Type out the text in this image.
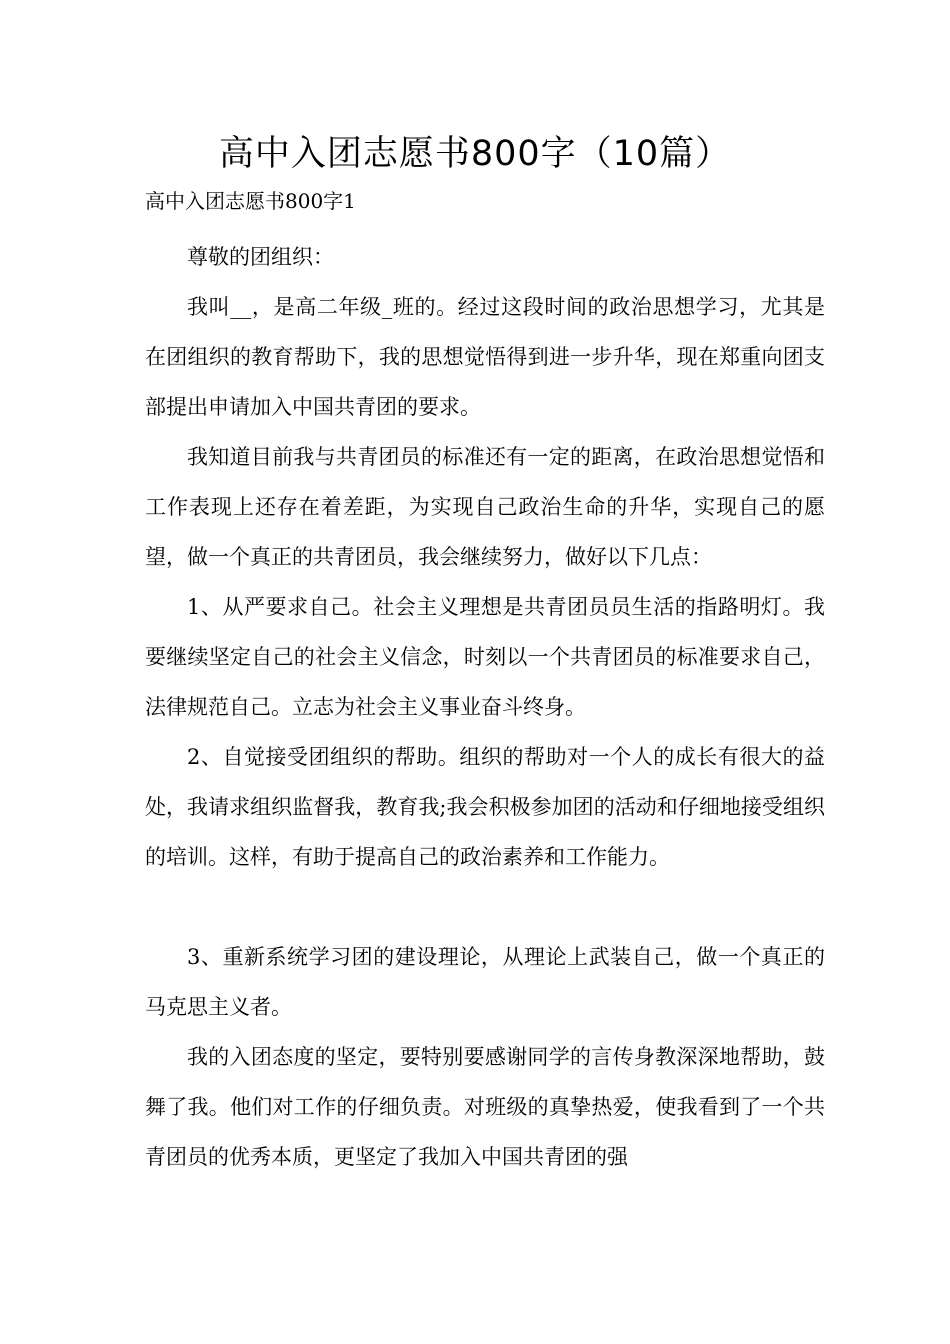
高中入团志愿书800字（10篇）
高中入团志愿书800字1

尊敬的团组织：

我叫__，是高二年级_班的。经过这段时间的政治思想学习，尤其是在团组织的教育帮助下，我的思想觉悟得到进一步升华，现在郑重向团支部提出申请加入中国共青团的要求。

我知道目前我与共青团员的标准还有一定的距离，在政治思想觉悟和工作表现上还存在着差距，为实现自己政治生命的升华，实现自己的愿望，做一个真正的共青团员，我会继续努力，做好以下几点：

1、从严要求自己。社会主义理想是共青团员员生活的指路明灯。我要继续坚定自己的社会主义信念，时刻以一个共青团员的标准要求自己，法律规范自己。立志为社会主义事业奋斗终身。

2、自觉接受团组织的帮助。组织的帮助对一个人的成长有很大的益处，我请求组织监督我，教育我;我会积极参加团的活动和仔细地接受组织的培训。这样，有助于提高自己的政治素养和工作能力。

3、重新系统学习团的建设理论，从理论上武装自己，做一个真正的马克思主义者。

我的入团态度的坚定，要特别要感谢同学的言传身教深深地帮助，鼓舞了我。他们对工作的仔细负责。对班级的真挚热爱，使我看到了一个共青团员的优秀本质，更坚定了我加入中国共青团的强
